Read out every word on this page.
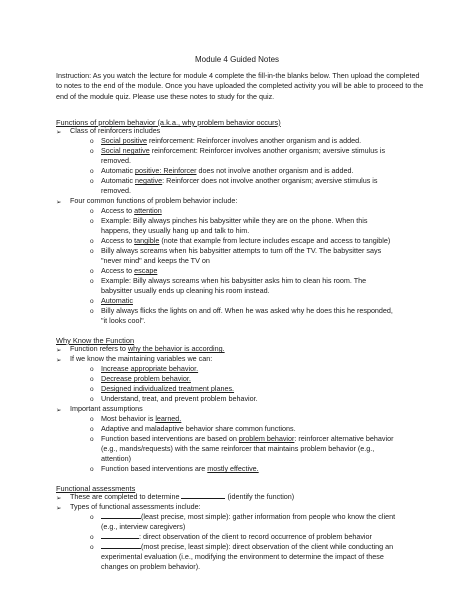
Module 4 Guided Notes
Instruction: As you watch the lecture for module 4 complete the fill-in-the blanks below. Then upload the completed to notes to the end of the module. Once you have uploaded the completed activity you will be able to proceed to the end of the module quiz. Please use these notes to study for the quiz.
Functions of problem behavior (a.k.a., why problem behavior occurs)
➢ Class of reinforcers includes
o Social positive reinforcement: Reinforcer involves another organism and is added.
o Social negative reinforcement: Reinforcer involves another organism; aversive stimulus is
removed.
o Automatic positive: Reinforcer does not involve another organism and is added.
o Automatic negative: Reinforcer does not involve another organism; aversive stimulus is
removed.
➢ Four common functions of problem behavior include:
o Access to attention
o Example: Billy always pinches his babysitter while they are on the phone. When this
happens, they usually hang up and talk to him.
o Access to tangible (note that example from lecture includes escape and access to tangible)
o Billy always screams when his babysitter attempts to turn off the TV. The babysitter says
"never mind" and keeps the TV on
o Access to escape
o Example: Billy always screams when his babysitter asks him to clean his room. The
babysitter usually ends up cleaning his room instead.
o Automatic
o Billy always flicks the lights on and off. When he was asked why he does this he responded,
"it looks cool".
Why Know the Function
➢ Function refers to why the behavior is according.
➢ If we know the maintaining variables we can:
o Increase appropriate behavior.
o Decrease problem behavior.
o Designed individualized treatment planes.
o Understand, treat, and prevent problem behavior.
➢ Important assumptions
o Most behavior is learned.
o Adaptive and maladaptive behavior share common functions.
o Function based interventions are based on problem behavior: reinforcer alternative behavior
(e.g., mands/requests) with the same reinforcer that maintains problem behavior (e.g.,
attention)
o Function based interventions are mostly effective.
Functional assessments
➢ These are completed to determine	(identify the function)
➢ Types of functional assessments include:
o	(least precise, most simple): gather information from people who know the client
(e.g., interview caregivers)
o	: direct observation of the client to record occurrence of problem behavior
o	(most precise, least simple): direct observation of the client while conducting an
experimental evaluation (i.e., modifying the environment to determine the impact of these
changes on problem behavior).
